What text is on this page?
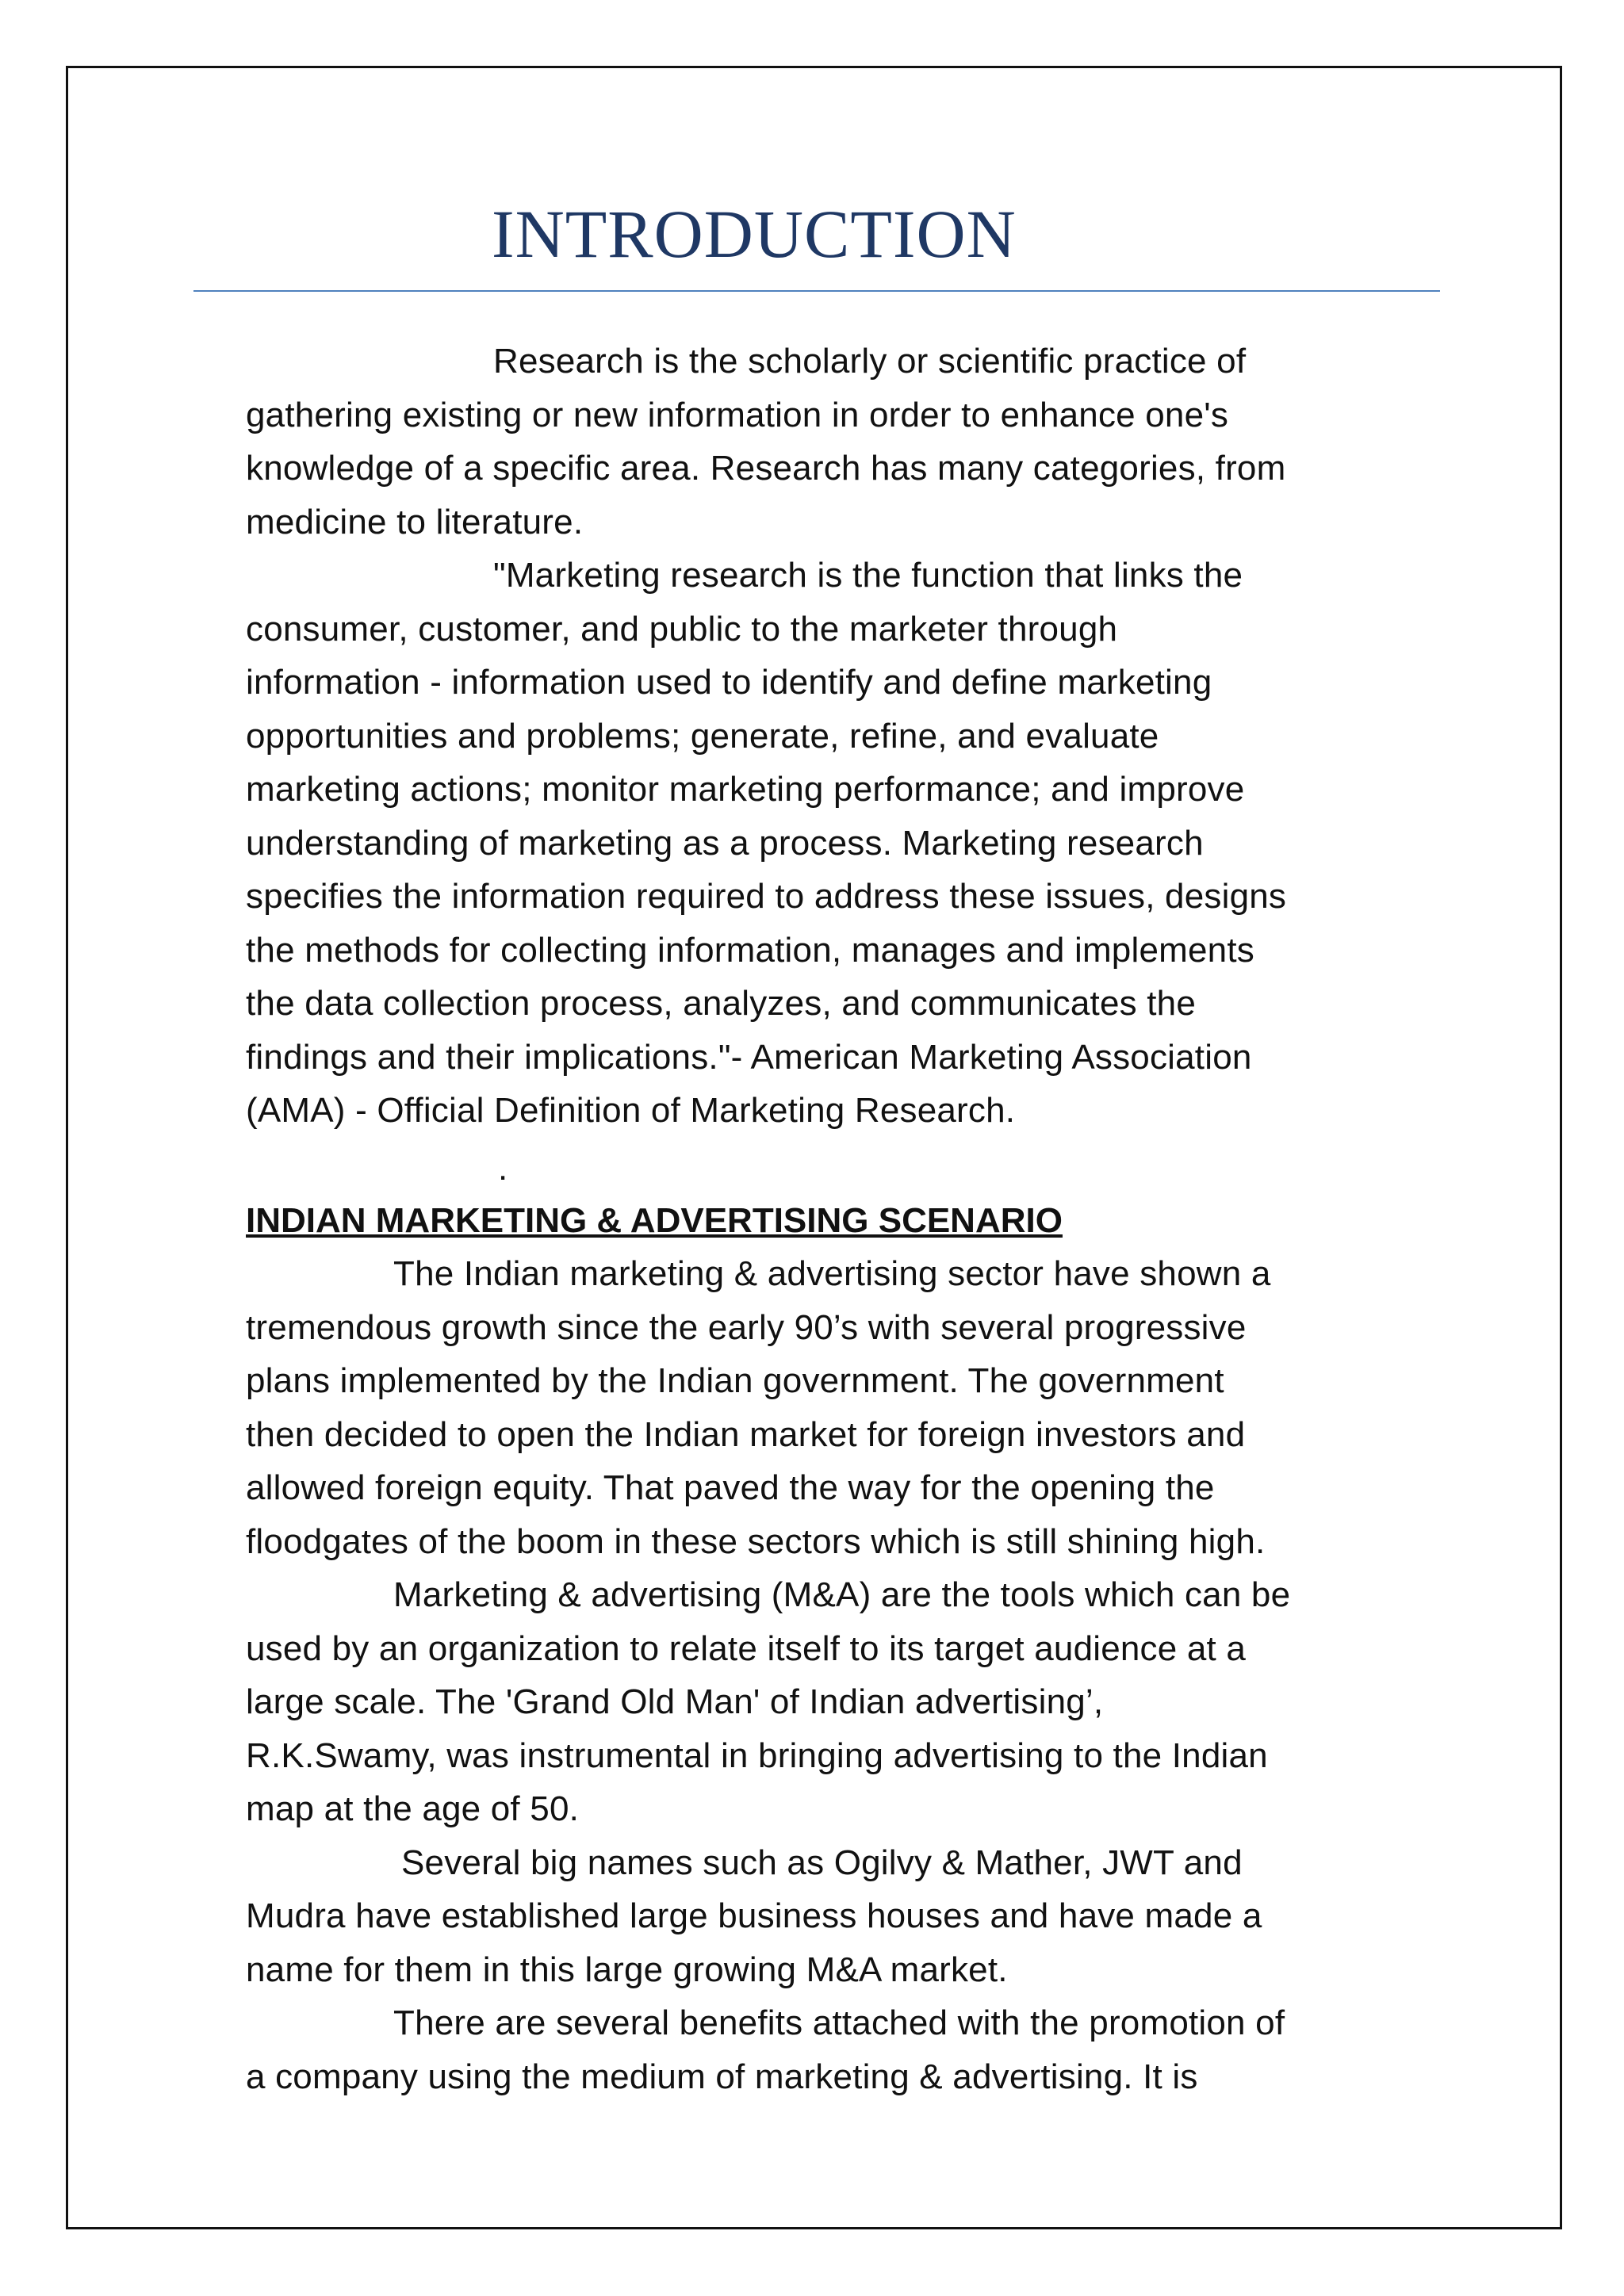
INTRODUCTION

Research is the scholarly or scientific practice of
gathering existing or new information in order to enhance one's
knowledge of a specific area. Research has many categories, from
medicine to literature.

"Marketing research is the function that links the
consumer, customer, and public to the marketer through
information - information used to identify and define marketing
opportunities and problems; generate, refine, and evaluate
marketing actions; monitor marketing performance; and improve
understanding of marketing as a process. Marketing research
specifies the information required to address these issues, designs
the methods for collecting information, manages and implements
the data collection process, analyzes, and communicates the
findings and their implications."- American Marketing Association
(AMA) - Official Definition of Marketing Research.

.
INDIAN MARKETING & ADVERTISING SCENARIO

The Indian marketing & advertising sector have shown a
tremendous growth since the early 90’s with several progressive
plans implemented by the Indian government. The government
then decided to open the Indian market for foreign investors and
allowed foreign equity. That paved the way for the opening the
floodgates of the boom in these sectors which is still shining high.

Marketing & advertising (M&A) are the tools which can be
used by an organization to relate itself to its target audience at a
large scale. The 'Grand Old Man' of Indian advertising’,
R.K.Swamy, was instrumental in bringing advertising to the Indian
map at the age of 50.

Several big names such as Ogilvy & Mather, JWT and
Mudra have established large business houses and have made a
name for them in this large growing M&A market.

There are several benefits attached with the promotion of
a company using the medium of marketing & advertising. It is
